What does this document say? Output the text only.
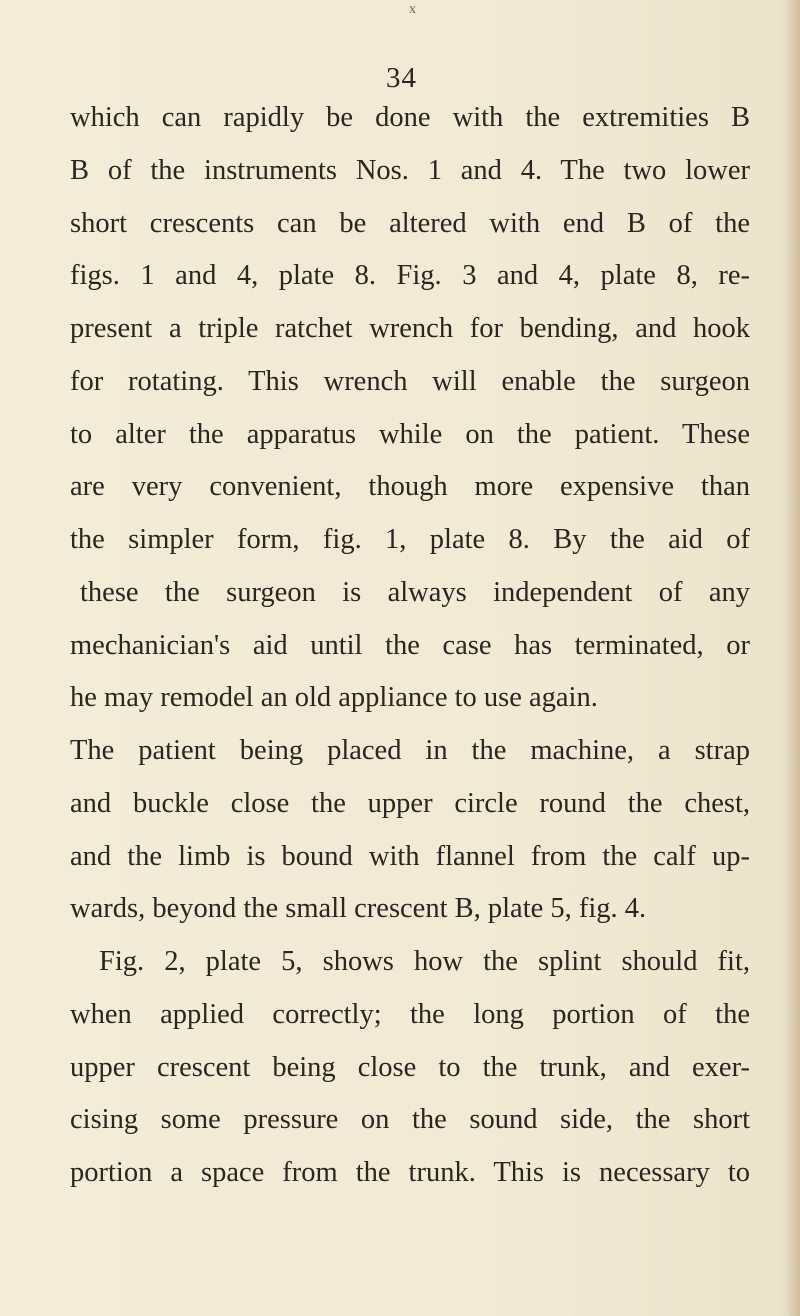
x
34
which can rapidly be done with the extremities B
B of the instruments Nos. 1 and 4. The two lower
short crescents can be altered with end B of the
figs. 1 and 4, plate 8. Fig. 3 and 4, plate 8, re-
present a triple ratchet wrench for bending, and hook
for rotating. This wrench will enable the surgeon
to alter the apparatus while on the patient. These
are very convenient, though more expensive than
the simpler form, fig. 1, plate 8. By the aid of
these the surgeon is always independent of any
mechanician's aid until the case has terminated, or
he may remodel an old appliance to use again.
The patient being placed in the machine, a strap
and buckle close the upper circle round the chest,
and the limb is bound with flannel from the calf up-
wards, beyond the small crescent B, plate 5, fig. 4.
Fig. 2, plate 5, shows how the splint should fit,
when applied correctly; the long portion of the
upper crescent being close to the trunk, and exer-
cising some pressure on the sound side, the short
portion a space from the trunk. This is necessary to
